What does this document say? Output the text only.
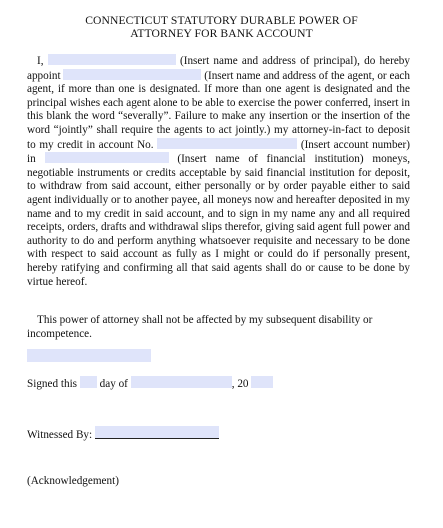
CONNECTICUT STATUTORY DURABLE POWER OF
ATTORNEY FOR BANK ACCOUNT
I,	(Insert name and address of principal), do hereby appoint	(Insert name and address of the agent, or each agent, if more than one is designated. If more than one agent is designated and the principal wishes each agent alone to be able to exercise the power conferred, insert in this blank the word “severally”. Failure to make any insertion or the insertion of the word “jointly” shall require the agents to act jointly.) my attorney-in-fact to deposit to my credit in account No.	(Insert account number) in	(Insert name of financial institution) moneys, negotiable instruments or credits acceptable by said financial institution for deposit, to withdraw from said account, either personally or by order payable either to said agent individually or to another payee, all moneys now and hereafter deposited in my name and to my credit in said account, and to sign in my name any and all required receipts, orders, drafts and withdrawal slips therefor, giving said agent full power and authority to do and perform anything whatsoever requisite and necessary to be done with respect to said account as fully as I might or could do if personally present, hereby ratifying and confirming all that said agents shall do or cause to be done by virtue hereof.
This power of attorney shall not be affected by my subsequent disability or incompetence.
Signed this day of	, 20
Witnessed By:
(Acknowledgement)
